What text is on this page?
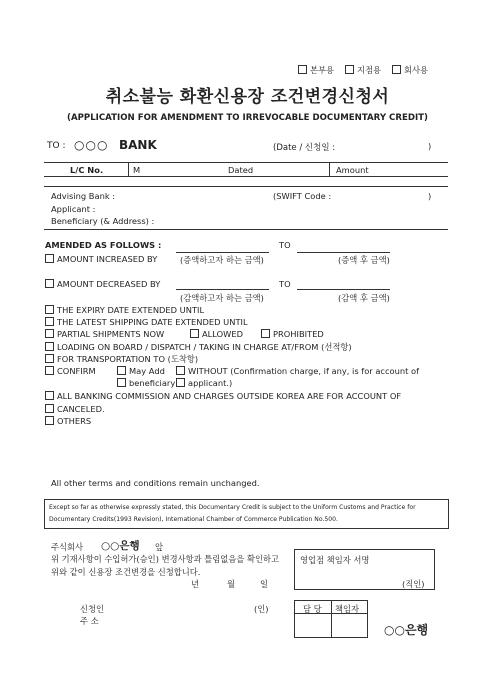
본부용	지점용	회사용
취소불능 화환신용장 조건변경신청서
(APPLICATION FOR AMENDMENT TO IRREVOCABLE DOCUMENTARY CREDIT)
TO : ○○○ BANK	(Date / 신청일 :	)
L/C No.	M	Dated	Amount
Advising Bank :	(SWIFT Code :	)
Applicant :
Beneficiary (& Address) :
AMENDED AS FOLLOWS :	TO
AMOUNT INCREASED BY	(증액하고자 하는 금액)	(증액 후 금액)
AMOUNT DECREASED BY	TO
(감액하고자 하는 금액)	(감액 후 금액)
THE EXPIRY DATE EXTENDED UNTIL
THE LATEST SHIPPING DATE EXTENDED UNTIL
PARTIAL SHIPMENTS NOW	ALLOWED	PROHIBITED
LOADING ON BOARD / DISPATCH / TAKING IN CHARGE AT/FROM (선적항)
FOR TRANSPORTATION TO (도착항)
CONFIRM	May Add	WITHOUT (Confirmation charge, if any, is for account of
beneficiary	applicant.)
ALL BANKING COMMISSION AND CHARGES OUTSIDE KOREA ARE FOR ACCOUNT OF
CANCELED.
OTHERS
All other terms and conditions remain unchanged.
Except so far as otherwise expressly stated, this Documentary Credit is subject to the Uniform Customs and Practice for
Documentary Credits(1993 Revision), International Chamber of Commerce Publication No.500.
주식회사 ○○은행 앞
위 기재사항이 수입허가(승인) 변경사항과 틀림없음을 확인하고
위와 같이 신용장 조건변경을 신청합니다.
년	월	일
영업점 책임자 서명
(직인)
신청인	(인)
주 소
담 당 책임자
○○은행
